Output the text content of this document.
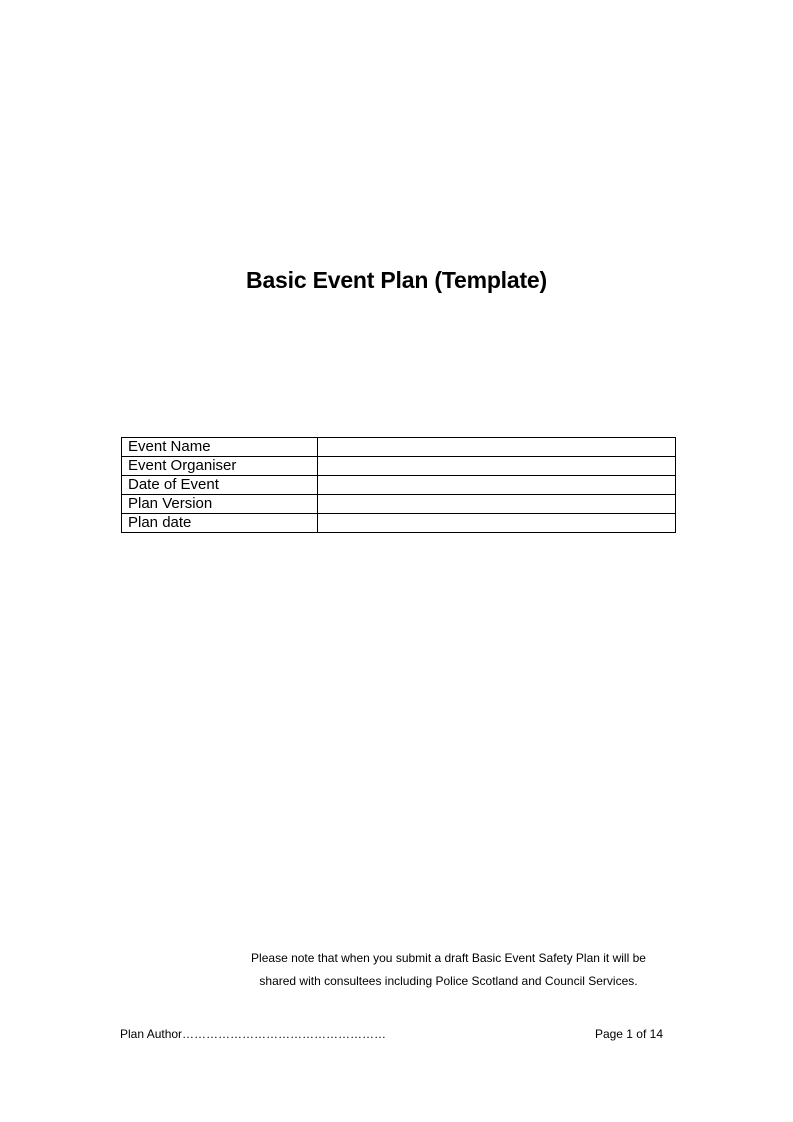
Basic Event Plan (Template)
Event Name	
Event Organiser	
Date of Event	
Plan Version	
Plan date	
Please note that when you submit a draft Basic Event Safety Plan it will be
shared with consultees including Police Scotland and Council Services.
Plan Author……………………………………………	Page 1 of 14
